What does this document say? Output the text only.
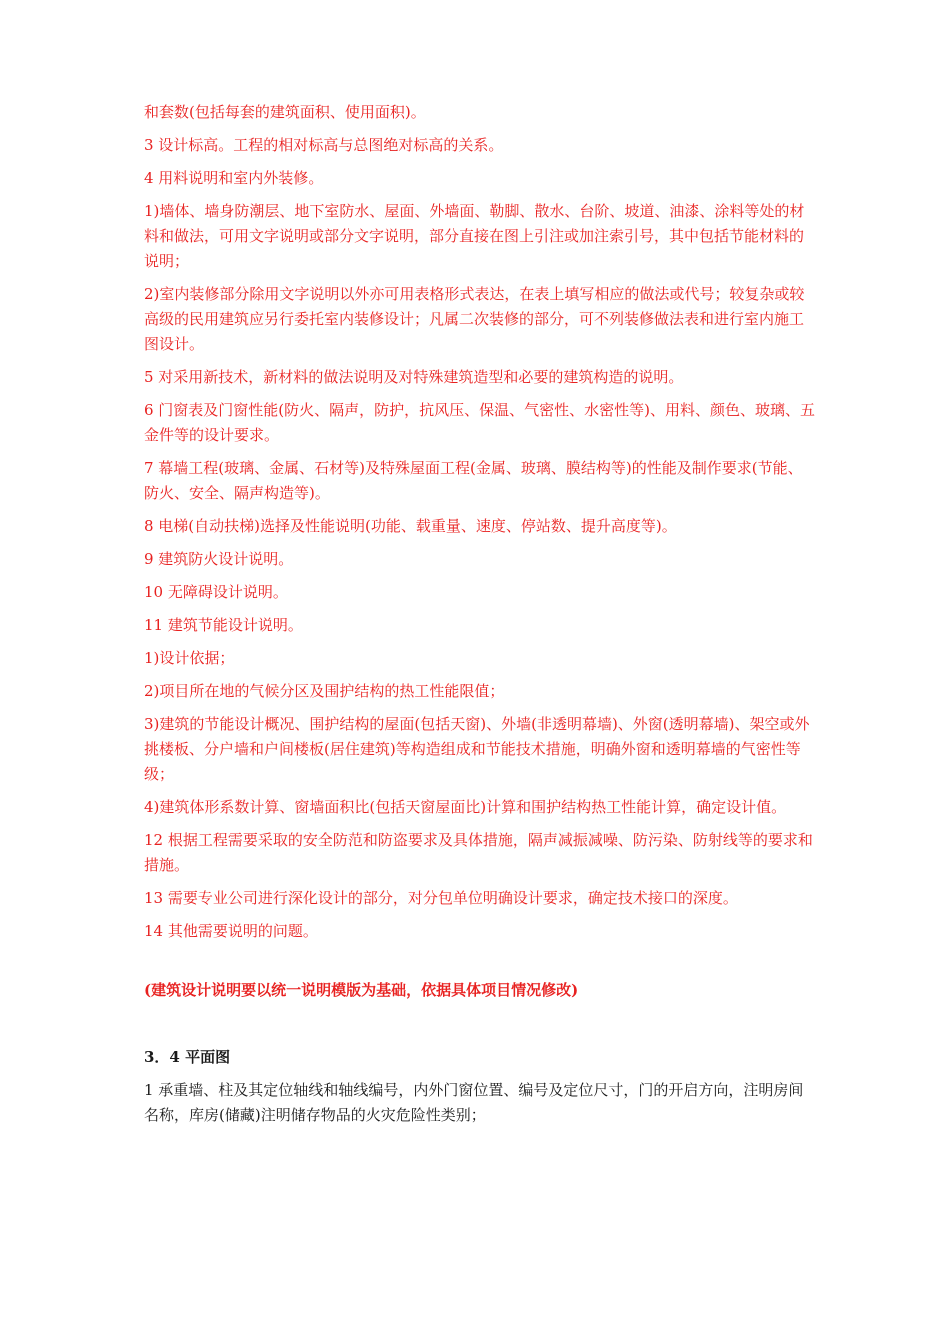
和套数(包括每套的建筑面积、使用面积)。

3 设计标高。工程的相对标高与总图绝对标高的关系。

4 用料说明和室内外装修。

1)墙体、墙身防潮层、地下室防水、屋面、外墙面、勒脚、散水、台阶、坡道、油漆、涂料等处的材料和做法，可用文字说明或部分文字说明，部分直接在图上引注或加注索引号，其中包括节能材料的说明；

2)室内装修部分除用文字说明以外亦可用表格形式表达，在表上填写相应的做法或代号；较复杂或较高级的民用建筑应另行委托室内装修设计；凡属二次装修的部分，可不列装修做法表和进行室内施工图设计。

5 对采用新技术，新材料的做法说明及对特殊建筑造型和必要的建筑构造的说明。

6 门窗表及门窗性能(防火、隔声，防护，抗风压、保温、气密性、水密性等)、用料、颜色、玻璃、五金件等的设计要求。

7 幕墙工程(玻璃、金属、石材等)及特殊屋面工程(金属、玻璃、膜结构等)的性能及制作要求(节能、防火、安全、隔声构造等)。

8 电梯(自动扶梯)选择及性能说明(功能、载重量、速度、停站数、提升高度等)。

9 建筑防火设计说明。

10 无障碍设计说明。

11 建筑节能设计说明。

1)设计依据；

2)项目所在地的气候分区及围护结构的热工性能限值；

3)建筑的节能设计概况、围护结构的屋面(包括天窗)、外墙(非透明幕墙)、外窗(透明幕墙)、架空或外挑楼板、分户墙和户间楼板(居住建筑)等构造组成和节能技术措施，明确外窗和透明幕墙的气密性等级；

4)建筑体形系数计算、窗墙面积比(包括天窗屋面比)计算和围护结构热工性能计算，确定设计值。

12 根据工程需要采取的安全防范和防盗要求及具体措施，隔声减振减噪、防污染、防射线等的要求和措施。

13 需要专业公司进行深化设计的部分，对分包单位明确设计要求，确定技术接口的深度。

14 其他需要说明的问题。

(建筑设计说明要以统一说明模版为基础，依据具体项目情况修改)

3．4 平面图

1 承重墙、柱及其定位轴线和轴线编号，内外门窗位置、编号及定位尺寸，门的开启方向，注明房间名称，库房(储藏)注明储存物品的火灾危险性类别；
